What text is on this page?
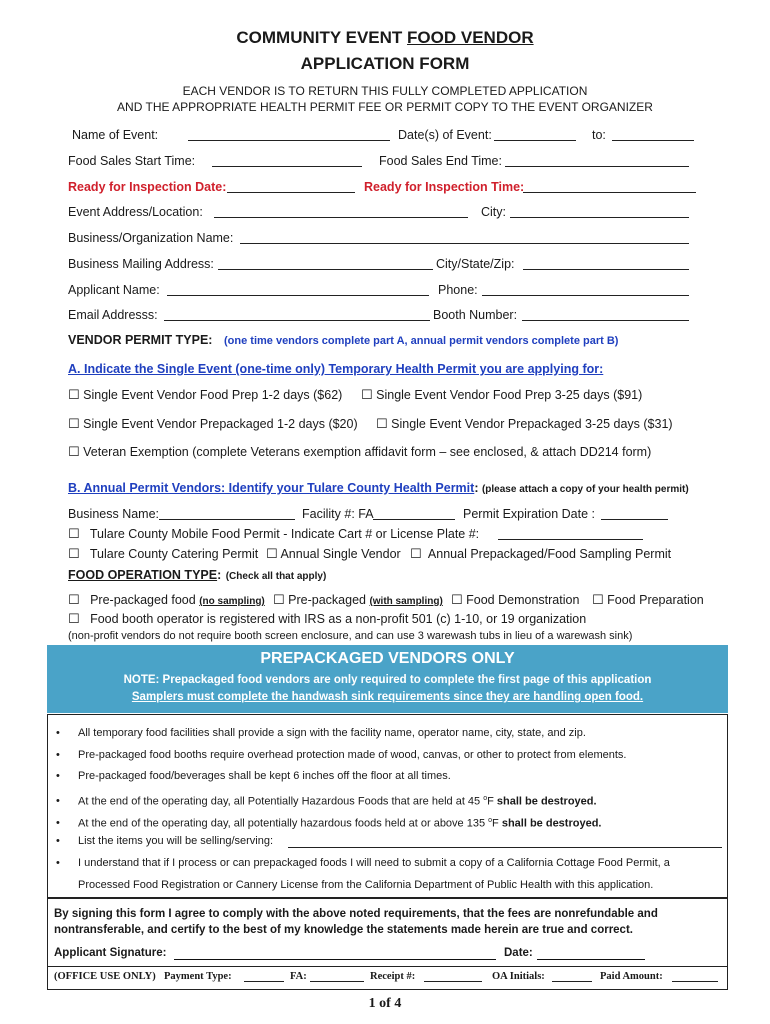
COMMUNITY EVENT FOOD VENDOR
APPLICATION FORM
EACH VENDOR IS TO RETURN THIS FULLY COMPLETED APPLICATION
AND THE APPROPRIATE HEALTH PERMIT FEE OR PERMIT COPY TO THE EVENT ORGANIZER
Name of Event:	Date(s) of Event:	to:
Food Sales Start Time:	Food Sales End Time:
Ready for Inspection Date:	Ready for Inspection Time:
Event Address/Location:	City:
Business/Organization Name:
Business Mailing Address:	City/State/Zip:
Applicant Name:	Phone:
Email Addresss:	Booth Number:
VENDOR PERMIT TYPE: (one time vendors complete part A, annual permit vendors complete part B)
A. Indicate the Single Event (one-time only) Temporary Health Permit you are applying for:
☐ Single Event Vendor Food Prep 1-2 days ($62) ☐ Single Event Vendor Food Prep 3-25 days ($91)
☐ Single Event Vendor Prepackaged 1-2 days ($20) ☐ Single Event Vendor Prepackaged 3-25 days ($31)
☐ Veteran Exemption (complete Veterans exemption affidavit form – see enclosed, & attach DD214 form)
B. Annual Permit Vendors: Identify your Tulare County Health Permit: (please attach a copy of your health permit)
Business Name:	Facility #: FA	Permit Expiration Date :
☐ Tulare County Mobile Food Permit - Indicate Cart # or License Plate #:
☐ Tulare County Catering Permit ☐ Annual Single Vendor ☐ Annual Prepackaged/Food Sampling Permit
FOOD OPERATION TYPE: (Check all that apply)
☐ Pre-packaged food (no sampling) ☐ Pre-packaged (with sampling) ☐ Food Demonstration ☐ Food Preparation
☐ Food booth operator is registered with IRS as a non-profit 501 (c) 1-10, or 19 organization
(non-profit vendors do not require booth screen enclosure, and can use 3 warewash tubs in lieu of a warewash sink)
PREPACKAGED VENDORS ONLY
NOTE: Prepackaged food vendors are only required to complete the first page of this application
Samplers must complete the handwash sink requirements since they are handling open food.
• All temporary food facilities shall provide a sign with the facility name, operator name, city, state, and zip.
• Pre-packaged food booths require overhead protection made of wood, canvas, or other to protect from elements.
• Pre-packaged food/beverages shall be kept 6 inches off the floor at all times.
• At the end of the operating day, all Potentially Hazardous Foods that are held at 45 $^o$F shall be destroyed.
• At the end of the operating day, all potentially hazardous foods held at or above 135 $^o$F shall be destroyed.
• List the items you will be selling/serving:
• I understand that if I process or can prepackaged foods I will need to submit a copy of a California Cottage Food Permit, a
Processed Food Registration or Cannery License from the California Department of Public Health with this application.
By signing this form I agree to comply with the above noted requirements, that the fees are nonrefundable and
nontransferable, and certify to the best of my knowledge the statements made herein are true and correct.
Applicant Signature:	Date:
(OFFICE USE ONLY) Payment Type:	FA:	Receipt #:	OA Initials:	Paid Amount:
1 of 4
